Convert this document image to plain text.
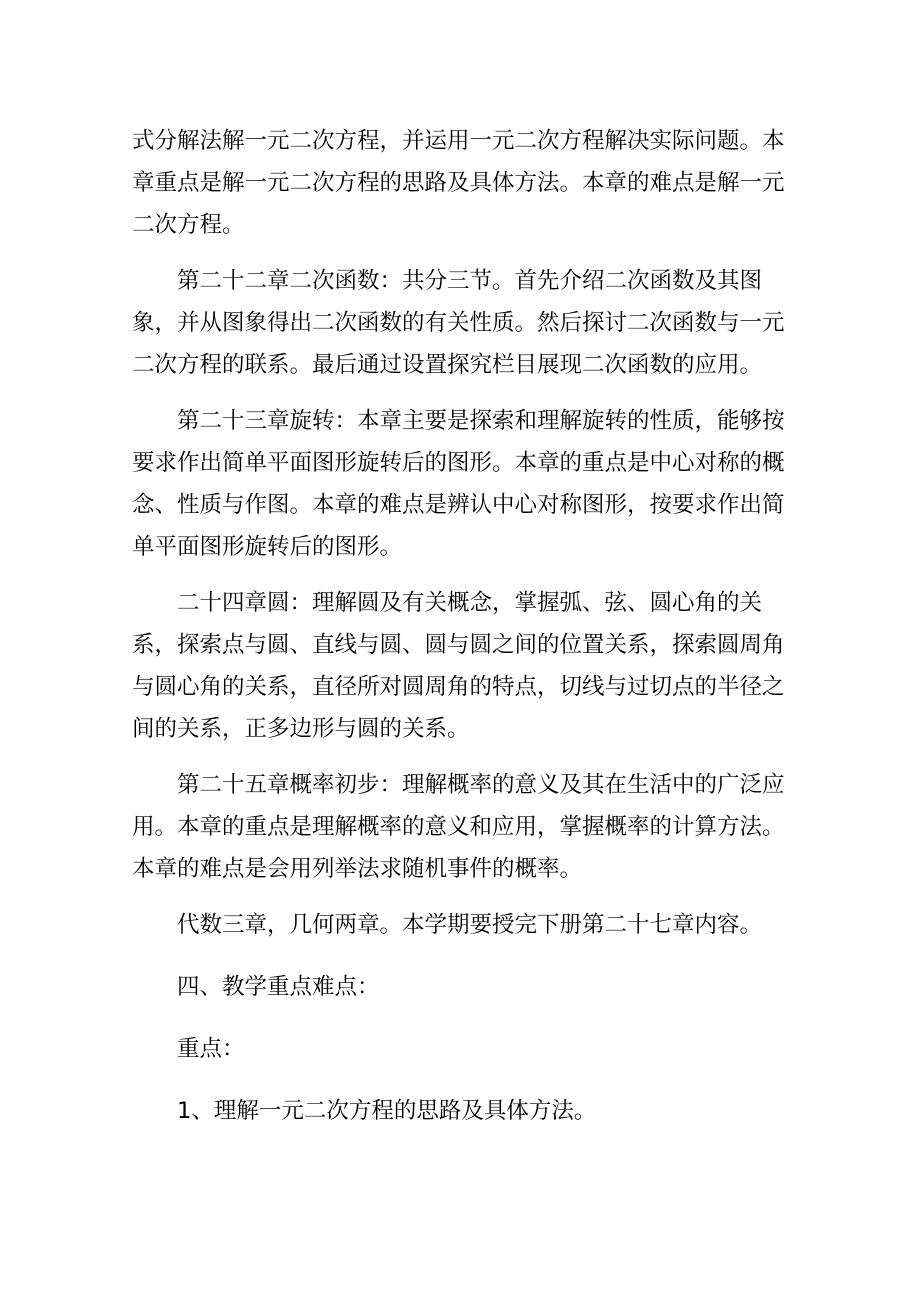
式分解法解一元二次方程，并运用一元二次方程解决实际问题。本章重点是解一元二次方程的思路及具体方法。本章的难点是解一元二次方程。

第二十二章二次函数：共分三节。首先介绍二次函数及其图象，并从图象得出二次函数的有关性质。然后探讨二次函数与一元二次方程的联系。最后通过设置探究栏目展现二次函数的应用。

第二十三章旋转：本章主要是探索和理解旋转的性质，能够按要求作出简单平面图形旋转后的图形。本章的重点是中心对称的概念、性质与作图。本章的难点是辨认中心对称图形，按要求作出简单平面图形旋转后的图形。

二十四章圆：理解圆及有关概念，掌握弧、弦、圆心角的关系，探索点与圆、直线与圆、圆与圆之间的位置关系，探索圆周角与圆心角的关系，直径所对圆周角的特点，切线与过切点的半径之间的关系，正多边形与圆的关系。

第二十五章概率初步：理解概率的意义及其在生活中的广泛应用。本章的重点是理解概率的意义和应用，掌握概率的计算方法。本章的难点是会用列举法求随机事件的概率。

代数三章，几何两章。本学期要授完下册第二十七章内容。

四、教学重点难点：

重点：

1、理解一元二次方程的思路及具体方法。
